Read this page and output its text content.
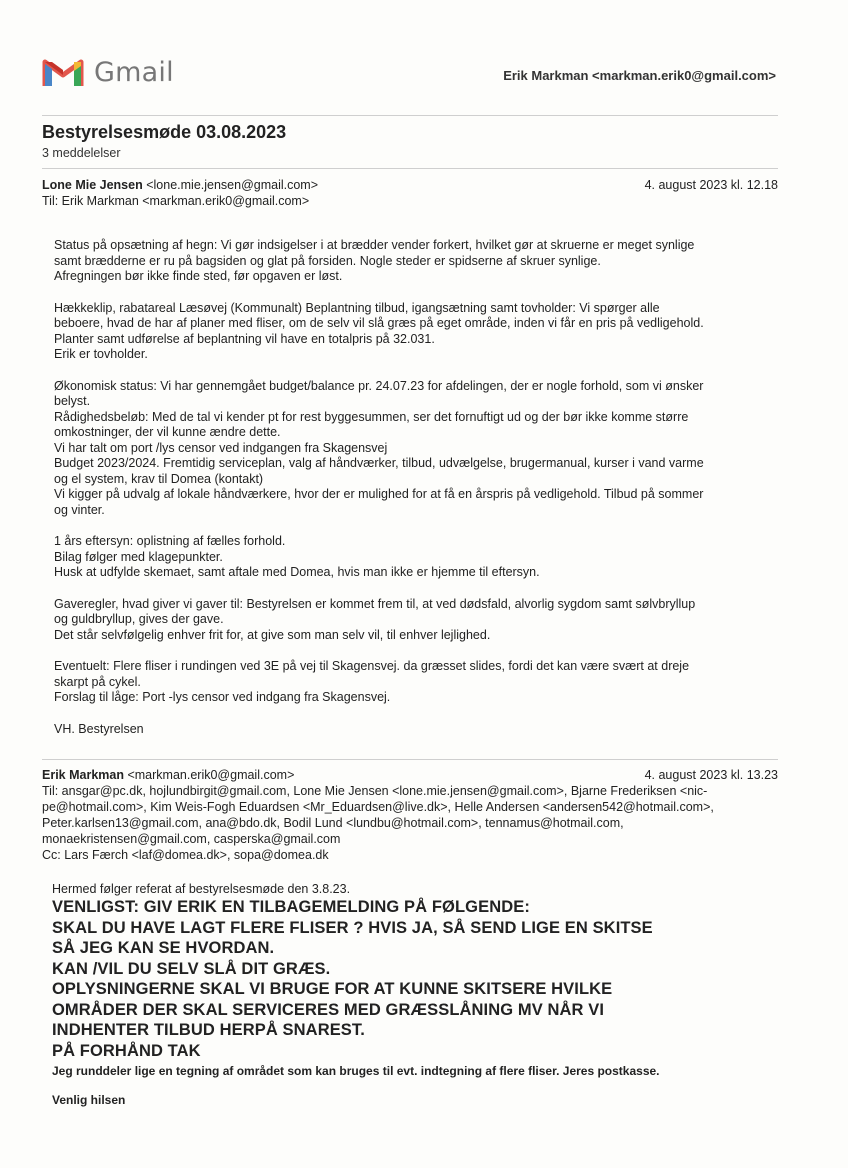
Gmail	Erik Markman <markman.erik0@gmail.com>
Bestyrelsesmøde 03.08.2023
3 meddelelser
Lone Mie Jensen <lone.mie.jensen@gmail.com>
Til: Erik Markman <markman.erik0@gmail.com>
4. august 2023 kl. 12.18

Status på opsætning af hegn: Vi gør indsigelser i at brædder vender forkert, hvilket gør at skruerne er meget synlige
samt brædderne er ru på bagsiden og glat på forsiden. Nogle steder er spidserne af skruer synlige.
Afregningen bør ikke finde sted, før opgaven er løst.

Hækkeklip, rabatareal Læsøvej (Kommunalt) Beplantning tilbud, igangsætning samt tovholder: Vi spørger alle
beboere, hvad de har af planer med fliser, om de selv vil slå græs på eget område, inden vi får en pris på vedligehold.
Planter samt udførelse af beplantning vil have en totalpris på 32.031.
Erik er tovholder.

Økonomisk status: Vi har gennemgået budget/balance pr. 24.07.23 for afdelingen, der er nogle forhold, som vi ønsker
belyst.
Rådighedsbeløb: Med de tal vi kender pt for rest byggesummen, ser det fornuftigt ud og der bør ikke komme større
omkostninger, der vil kunne ændre dette.
Vi har talt om port /lys censor ved indgangen fra Skagensvej
Budget 2023/2024. Fremtidig serviceplan, valg af håndværker, tilbud, udvælgelse, brugermanual, kurser i vand varme
og el system, krav til Domea (kontakt)
Vi kigger på udvalg af lokale håndværkere, hvor der er mulighed for at få en årspris på vedligehold. Tilbud på sommer
og vinter.

1 års eftersyn: oplistning af fælles forhold.
Bilag følger med klagepunkter.
Husk at udfylde skemaet, samt aftale med Domea, hvis man ikke er hjemme til eftersyn.

Gaveregler, hvad giver vi gaver til: Bestyrelsen er kommet frem til, at ved dødsfald, alvorlig sygdom samt sølvbryllup
og guldbryllup, gives der gave.
Det står selvfølgelig enhver frit for, at give som man selv vil, til enhver lejlighed.

Eventuelt: Flere fliser i rundingen ved 3E på vej til Skagensvej. da græsset slides, fordi det kan være svært at dreje
skarpt på cykel.
Forslag til låge: Port -lys censor ved indgang fra Skagensvej.

VH. Bestyrelsen

Erik Markman <markman.erik0@gmail.com>
Til: ansgar@pc.dk, hojlundbirgit@gmail.com, Lone Mie Jensen <lone.mie.jensen@gmail.com>, Bjarne Frederiksen <nic-
pe@hotmail.com>, Kim Weis-Fogh Eduardsen <Mr_Eduardsen@live.dk>, Helle Andersen <andersen542@hotmail.com>,
Peter.karlsen13@gmail.com, ana@bdo.dk, Bodil Lund <lundbu@hotmail.com>, tennamus@hotmail.com,
monaekristensen@gmail.com, casperska@gmail.com
Cc: Lars Færch <laf@domea.dk>, sopa@domea.dk
4. august 2023 kl. 13.23
Hermed følger referat af bestyrelsesmøde den 3.8.23.
VENLIGST: GIV ERIK EN TILBAGEMELDING PÅ FØLGENDE:
SKAL DU HAVE LAGT FLERE FLISER ? HVIS JA, SÅ SEND LIGE EN SKITSE
SÅ JEG KAN SE HVORDAN.
KAN /VIL DU SELV SLÅ DIT GRÆS.
OPLYSNINGERNE SKAL VI BRUGE FOR AT KUNNE SKITSERE HVILKE
OMRÅDER DER SKAL SERVICERES MED GRÆSSLÅNING MV NÅR VI
INDHENTER TILBUD HERPÅ SNAREST.
PÅ FORHÅND TAK
Jeg runddeler lige en tegning af området som kan bruges til evt. indtegning af flere fliser. Jeres postkasse.
Venlig hilsen
